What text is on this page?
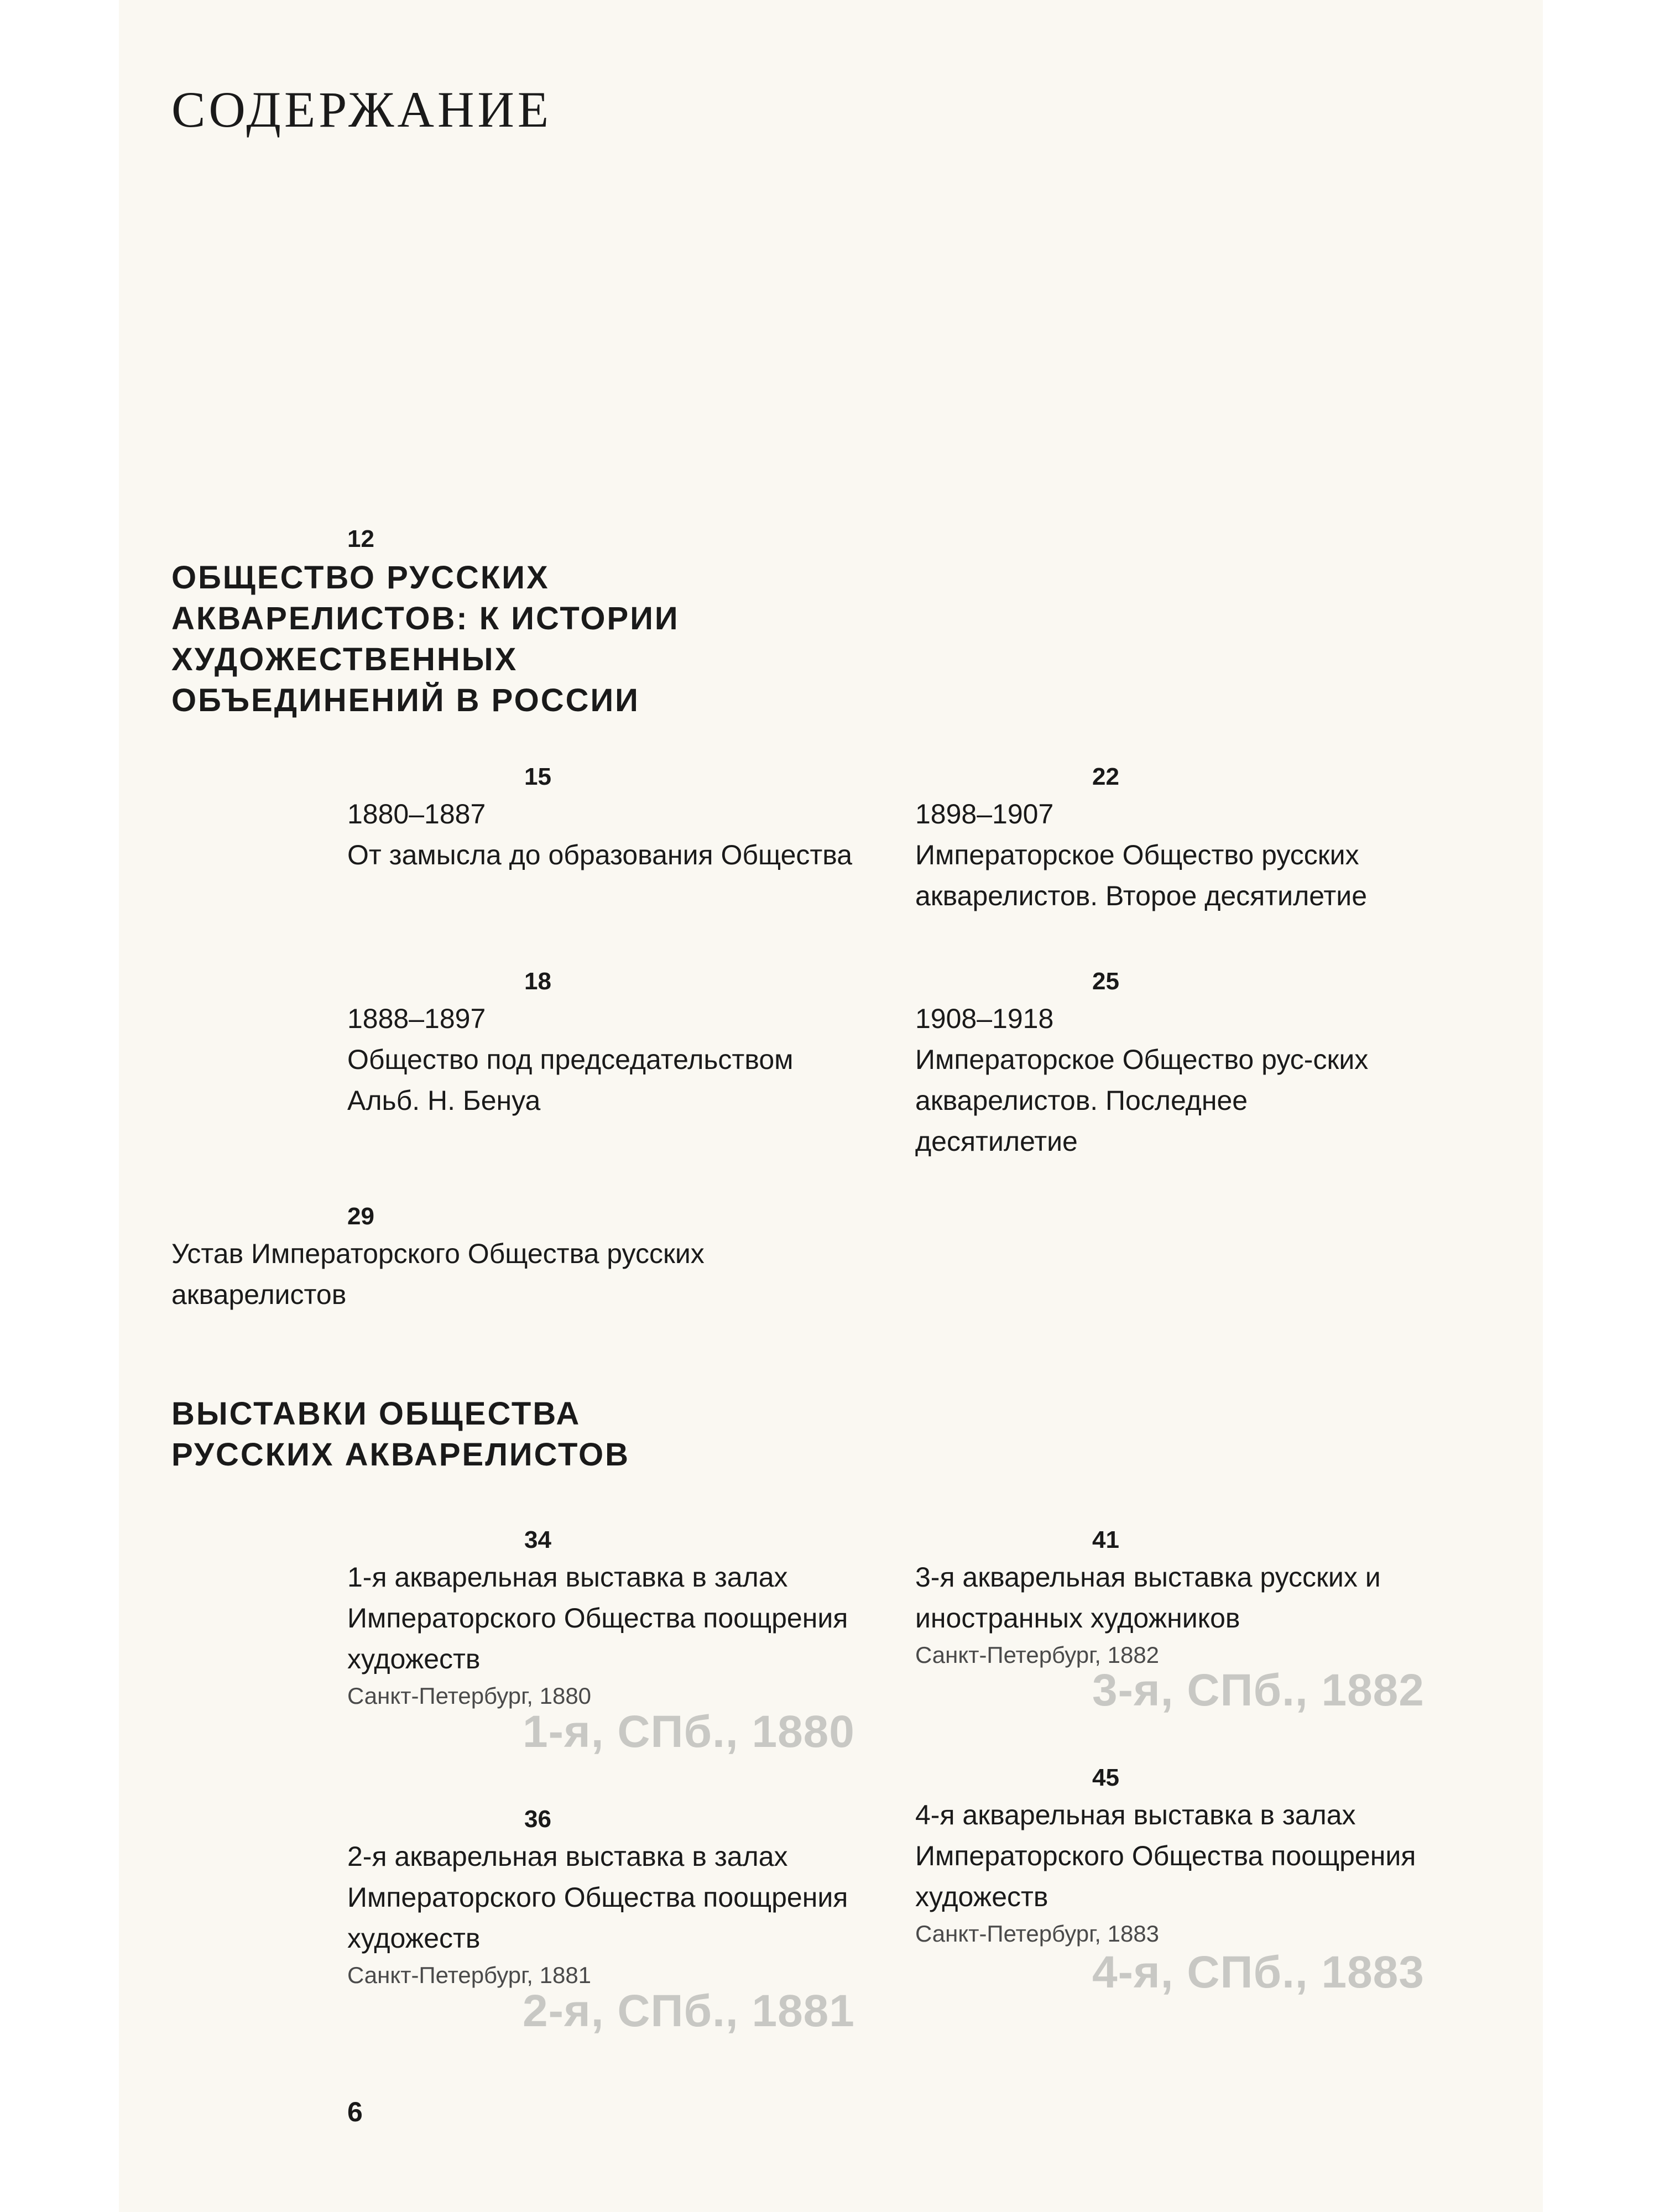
СОДЕРЖАНИЕ
12
ОБЩЕСТВО РУССКИХ АКВАРЕЛИСТОВ: К ИСТОРИИ ХУДОЖЕСТВЕННЫХ ОБЪЕДИНЕНИЙ В РОССИИ
15
1880–1887
От замысла до образования Общества
18
1888–1897
Общество под председательством Альб. Н. Бенуа
22
1898–1907
Императорское Общество русских акварелистов. Второе десятилетие
25
1908–1918
Императорское Общество рус-ских акварелистов. Последнее десятилетие
29
Устав Императорского Общества русских акварелистов
ВЫСТАВКИ ОБЩЕСТВА РУССКИХ АКВАРЕЛИСТОВ
34
1-я акварельная выставка в залах Императорского Общества поощрения художеств
Санкт-Петербург, 1880
1-я, СПб., 1880
36
2-я акварельная выставка в залах Императорского Общества поощрения художеств
Санкт-Петербург, 1881
2-я, СПб., 1881
41
3-я акварельная выставка русских и иностранных художников
Санкт-Петербург, 1882
3-я, СПб., 1882
45
4-я акварельная выставка в залах Императорского Общества поощрения художеств
Санкт-Петербург, 1883
4-я, СПб., 1883
6
